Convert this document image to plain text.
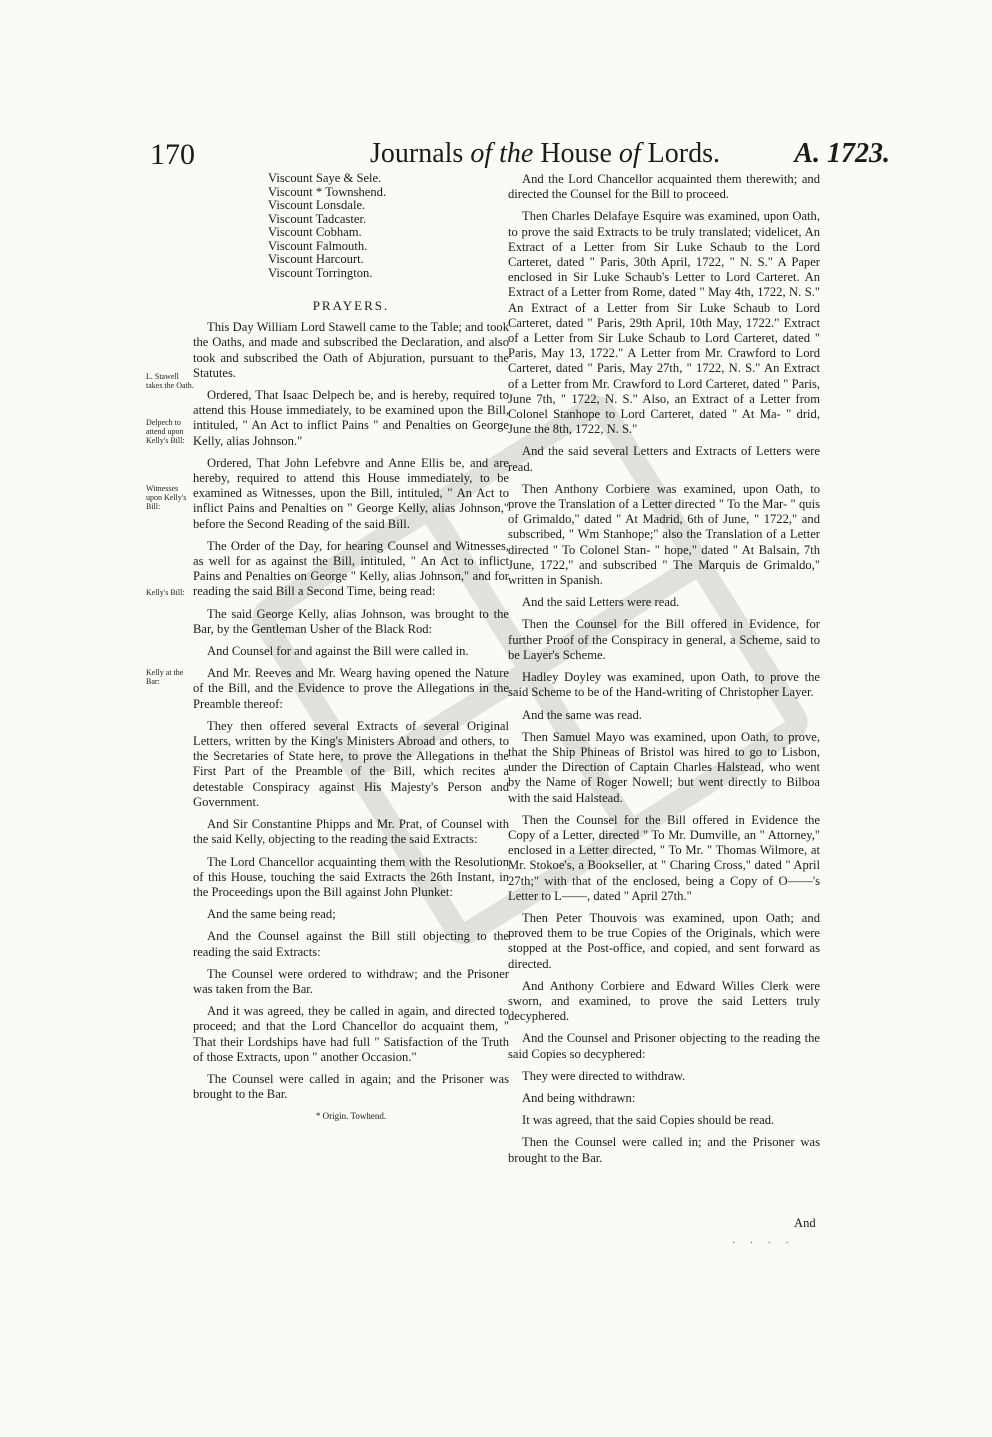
170	Journals of the House of Lords.	A. 1723.
Viscount Saye & Sele.
Viscount * Townshend.
Viscount Lonsdale.
Viscount Tadcaster.
Viscount Cobham.
Viscount Falmouth.
Viscount Harcourt.
Viscount Torrington.

PRAYERS.

This Day William Lord Stawell came to the Table; and took the Oaths, and made and subscribed the Declaration, and also took and subscribed the Oath of Abjuration, pursuant to the Statutes.

Ordered, That Isaac Delpech be, and is hereby, required to attend this House immediately, to be examined upon the Bill, intituled, " An Act to inflict Pains " and Penalties on George Kelly, alias Johnson."

Ordered, That John Lefebvre and Anne Ellis be, and are hereby, required to attend this House immediately, to be examined as Witnesses, upon the Bill, intituled, " An Act to inflict Pains and Penalties on " George Kelly, alias Johnson," before the Second Reading of the said Bill.

The Order of the Day, for hearing Counsel and Witnesses, as well for as against the Bill, intituled, " An Act to inflict Pains and Penalties on George " Kelly, alias Johnson," and for reading the said Bill a Second Time, being read:

The said George Kelly, alias Johnson, was brought to the Bar, by the Gentleman Usher of the Black Rod:

And Counsel for and against the Bill were called in.

And Mr. Reeves and Mr. Wearg having opened the Nature of the Bill, and the Evidence to prove the Allegations in the Preamble thereof:

They then offered several Extracts of several Original Letters, written by the King's Ministers Abroad and others, to the Secretaries of State here, to prove the Allegations in the First Part of the Preamble of the Bill, which recites a detestable Conspiracy against His Majesty's Person and Government.

And Sir Constantine Phipps and Mr. Prat, of Counsel with the said Kelly, objecting to the reading the said Extracts:

The Lord Chancellor acquainting them with the Resolution of this House, touching the said Extracts the 26th Instant, in the Proceedings upon the Bill against John Plunket:

And the same being read;

And the Counsel against the Bill still objecting to the reading the said Extracts:

The Counsel were ordered to withdraw; and the Prisoner was taken from the Bar.

And it was agreed, they be called in again, and directed to proceed; and that the Lord Chancellor do acquaint them, " That their Lordships have had full " Satisfaction of the Truth of those Extracts, upon " another Occasion."

The Counsel were called in again; and the Prisoner was brought to the Bar.

* Origin. Towhend.

L. Stawell takes the Oath.
Delpech to attend upon Kelly's Bill:
Witnesses upon Kelly's Bill:
Kelly's Bill:
Kelly at the Bar:

And the Lord Chancellor acquainted them therewith; and directed the Counsel for the Bill to proceed.

Then Charles Delafaye Esquire was examined, upon Oath, to prove the said Extracts to be truly translated; videlicet, An Extract of a Letter from Sir Luke Schaub to the Lord Carteret, dated " Paris, 30th April, 1722, " N. S." A Paper enclosed in Sir Luke Schaub's Letter to Lord Carteret. An Extract of a Letter from Rome, dated " May 4th, 1722, N. S." An Extract of a Letter from Sir Luke Schaub to Lord Carteret, dated " Paris, 29th April, 10th May, 1722." Extract of a Letter from Sir Luke Schaub to Lord Carteret, dated " Paris, May 13, 1722." A Letter from Mr. Crawford to Lord Carteret, dated " Paris, May 27th, " 1722, N. S." An Extract of a Letter from Mr. Crawford to Lord Carteret, dated " Paris, June 7th, " 1722, N. S." Also, an Extract of a Letter from Colonel Stanhope to Lord Carteret, dated " At Ma- " drid, June the 8th, 1722, N. S."

And the said several Letters and Extracts of Letters were read.

Then Anthony Corbiere was examined, upon Oath, to prove the Translation of a Letter directed " To the Mar- " quis of Grimaldo," dated " At Madrid, 6th of June, " 1722," and subscribed, " Wm Stanhope;" also the Translation of a Letter directed " To Colonel Stan- " hope," dated " At Balsain, 7th June, 1722," and subscribed " The Marquis de Grimaldo," written in Spanish.

And the said Letters were read.

Then the Counsel for the Bill offered in Evidence, for further Proof of the Conspiracy in general, a Scheme, said to be Layer's Scheme.

Hadley Doyley was examined, upon Oath, to prove the said Scheme to be of the Hand-writing of Christopher Layer.

And the same was read.

Then Samuel Mayo was examined, upon Oath, to prove, that the Ship Phineas of Bristol was hired to go to Lisbon, under the Direction of Captain Charles Halstead, who went by the Name of Roger Nowell; but went directly to Bilboa with the said Halstead.

Then the Counsel for the Bill offered in Evidence the Copy of a Letter, directed " To Mr. Dumville, an " Attorney," enclosed in a Letter directed, " To Mr. " Thomas Wilmore, at Mr. Stokoe's, a Bookseller, at " Charing Cross," dated " April 27th;" with that of the enclosed, being a Copy of O——'s Letter to L——, dated " April 27th."

Then Peter Thouvois was examined, upon Oath; and proved them to be true Copies of the Originals, which were stopped at the Post-office, and copied, and sent forward as directed.

And Anthony Corbiere and Edward Willes Clerk were sworn, and examined, to prove the said Letters truly decyphered.

And the Counsel and Prisoner objecting to the reading the said Copies so decyphered:

They were directed to withdraw.

And being withdrawn:

It was agreed, that the said Copies should be read.

Then the Counsel were called in; and the Prisoner was brought to the Bar.

And
· · · ·
